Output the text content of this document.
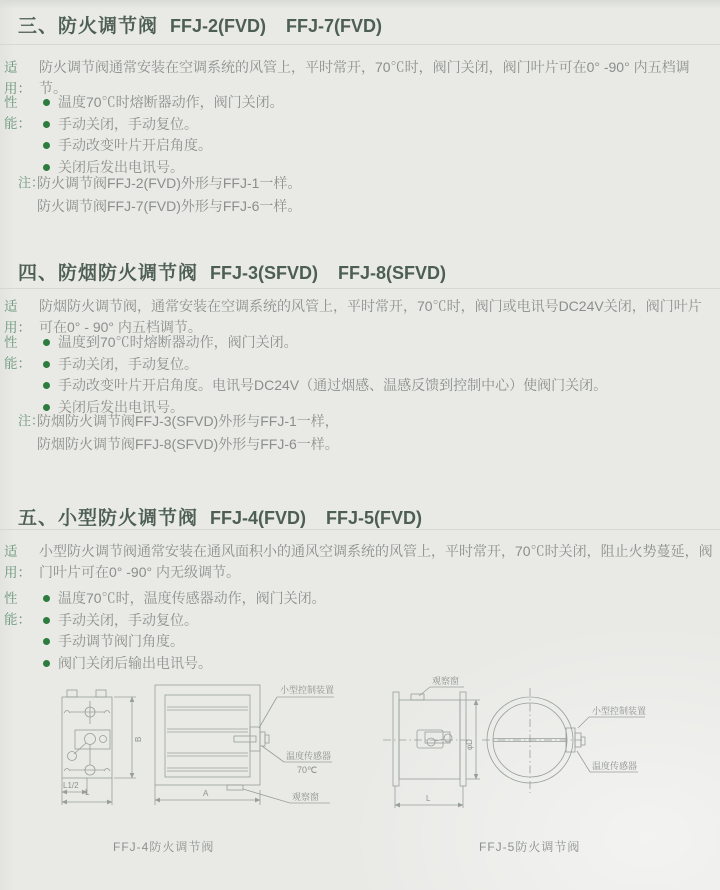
三、防火调节阀 FFJ-2(FVD)    FFJ-7(FVD)
适用：
防火调节阀通常安装在空调系统的风管上，平时常开，70℃时，阀门关闭，阀门叶片可在0° -90° 内五档调节。
性能：
温度70℃时熔断器动作，阀门关闭。
手动关闭，手动复位。
手动改变叶片开启角度。
关闭后发出电讯号。
注：
防火调节阀FFJ-2(FVD)外形与FFJ-1一样。
防火调节阀FFJ-7(FVD)外形与FFJ-6一样。
四、防烟防火调节阀 FFJ-3(SFVD)    FFJ-8(SFVD)
适用：
防烟防火调节阀，通常安装在空调系统的风管上，平时常开，70℃时，阀门或电讯号DC24V关闭，阀门叶片可在0° - 90° 内五档调节。
性能：
温度到70℃时熔断器动作，阀门关闭。
手动关闭，手动复位。
手动改变叶片开启角度。电讯号DC24V（通过烟感、温感反馈到控制中心）使阀门关闭。
关闭后发出电讯号。
注：
防烟防火调节阀FFJ-3(SFVD)外形与FFJ-1一样，
防烟防火调节阀FFJ-8(SFVD)外形与FFJ-6一样。
五、小型防火调节阀 FFJ-4(FVD)    FFJ-5(FVD)
适用：
小型防火调节阀通常安装在通风面积小的通风空调系统的风管上，平时常开，70℃时关闭，阻止火势蔓延，阀门叶片可在0° -90° 内无级调节。
性能：
温度70℃时，温度传感器动作，阀门关闭。
手动关闭，手动复位。
手动调节阀门角度。
阀门关闭后输出电讯号。
B
L1/2
L	A
小型控制装置
温度传感器
70℃
观察窗
观察窗
φD
L
小型控制装置
温度传感器
FFJ-4防火调节阀	FFJ-5防火调节阀
